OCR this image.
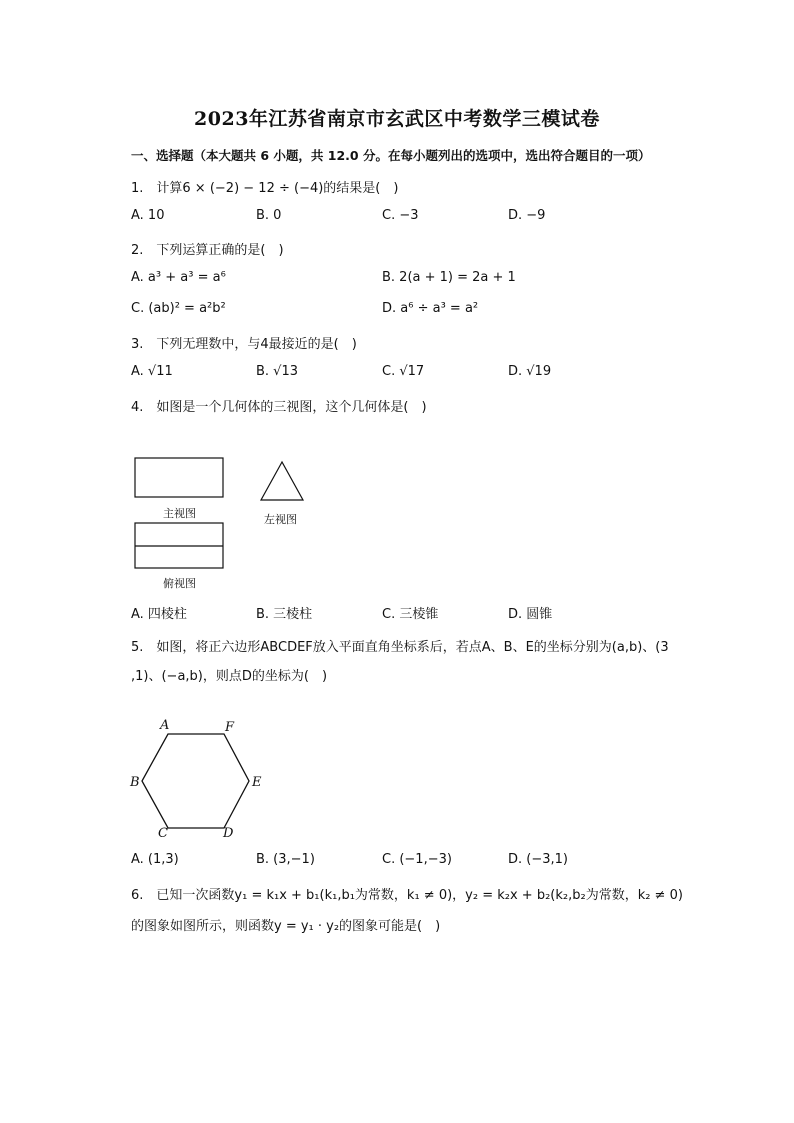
2023年江苏省南京市玄武区中考数学三模试卷
一、选择题（本大题共 6 小题，共 12.0 分。在每小题列出的选项中，选出符合题目的一项）
1.　计算6 × (−2) − 12 ÷ (−4)的结果是(　)
A. 10	B. 0	C. −3	D. −9
2.　下列运算正确的是(　)
A. a³ + a³ = a⁶	B. 2(a + 1) = 2a + 1
C. (ab)² = a²b²	D. a⁶ ÷ a³ = a²
3.　下列无理数中，与4最接近的是(　)
A. √11	B. √13	C. √17	D. √19
4.　如图是一个几何体的三视图，这个几何体是(　)
主视图	左视图
俯视图
A. 四棱柱	B. 三棱柱	C. 三棱锥	D. 圆锥
5.　如图，将正六边形ABCDEF放入平面直角坐标系后，若点A、B、E的坐标分别为(a,b)、(3
,1)、(−a,b)，则点D的坐标为(　)
A	F
B	E
C	D
A. (1,3)	B. (3,−1)	C. (−1,−3)	D. (−3,1)
6.　已知一次函数y₁ = k₁x + b₁(k₁,b₁为常数，k₁ ≠ 0)，y₂ = k₂x + b₂(k₂,b₂为常数，k₂ ≠ 0)
的图象如图所示，则函数y = y₁ · y₂的图象可能是(　)
